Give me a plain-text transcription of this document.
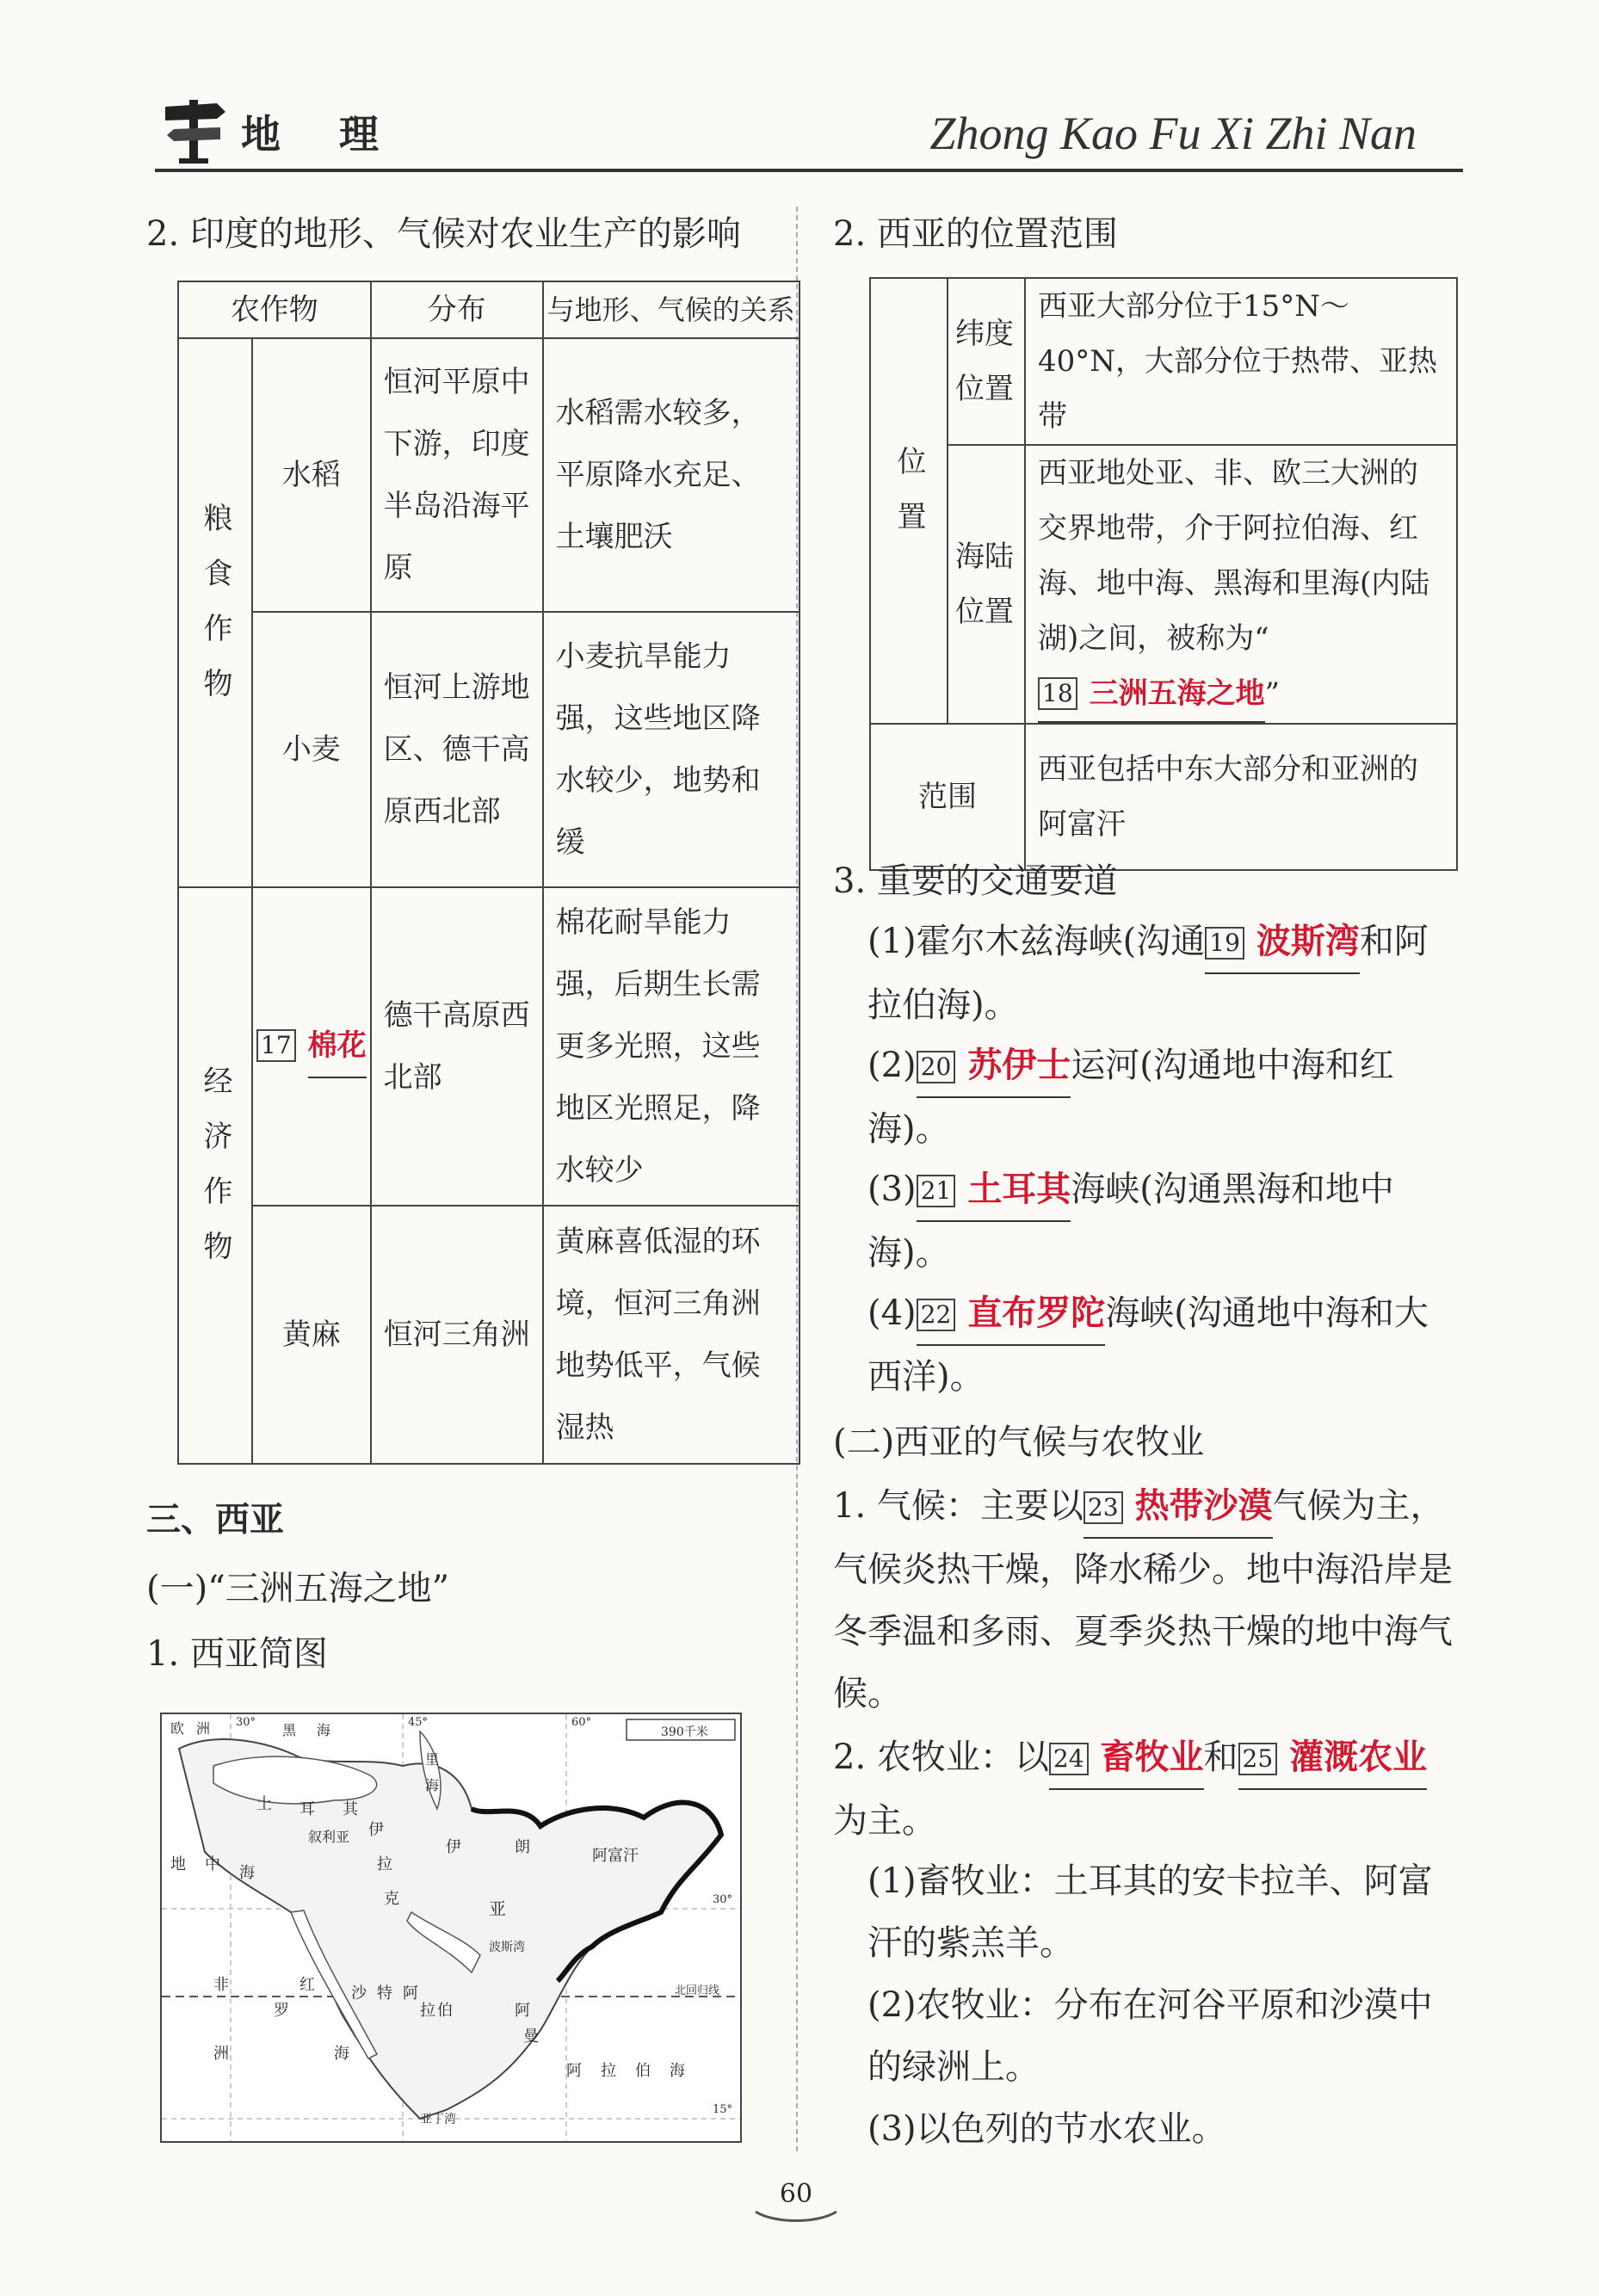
地 理	Zhong Kao Fu Xi Zhi Nan
2. 印度的地形、气候对农业生产的影响
农作物		分布	与地形、气候的关系

粮食作物	水稻	恒河平原中下游，印度半岛沿海平原	水稻需水较多，平原降水充足、土壤肥沃
	小麦	恒河上游地区、德干高原西北部	小麦抗旱能力强，这些地区降水较少，地势和缓

经济作物	17 棉花	德干高原西北部	棉花耐旱能力强，后期生长需更多光照，这些地区光照足，降水较少
	黄麻	恒河三角洲	黄麻喜低湿的环境，恒河三角洲地势低平，气候湿热
三、西亚
(一)“三洲五海之地”
1. 西亚简图
欧 洲	黑 海
里
海
土 耳 其
地 中 海
叙利亚 伊
拉
克
伊	朗	阿富汗
亚
非
洲
罗
红
海
沙 特 阿
拉 伯
阿 拉 伯 海
阿
曼
亚丁湾
波斯湾
390千米
30°	45°	60°
15°
30°
北回归线
2. 西亚的位置范围
位置	纬度位置	西亚大部分位于15°N～40°N，大部分位于热带、亚热带
	海陆位置	西亚地处亚、非、欧三大洲的交界地带，介于阿拉伯海、红海、地中海、黑海和里海(内陆湖)之间，被称为“18 三洲五海之地”
范围		西亚包括中东大部分和亚洲的阿富汗
3. 重要的交通要道
(1)霍尔木兹海峡(沟通 19 波斯湾和阿拉伯海)。
(2) 20 苏伊士运河(沟通地中海和红海)。
(3) 21 土耳其海峡(沟通黑海和地中海)。
(4) 22 直布罗陀海峡(沟通地中海和大西洋)。
(二)西亚的气候与农牧业
1. 气候：主要以 23 热带沙漠气候为主，气候炎热干燥，降水稀少。地中海沿岸是冬季温和多雨、夏季炎热干燥的地中海气候。
2. 农牧业：以 24 畜牧业和 25 灌溉农业为主。
(1)畜牧业：土耳其的安卡拉羊、阿富汗的紫羔羊。
(2)农牧业：分布在河谷平原和沙漠中的绿洲上。
(3)以色列的节水农业。
60
